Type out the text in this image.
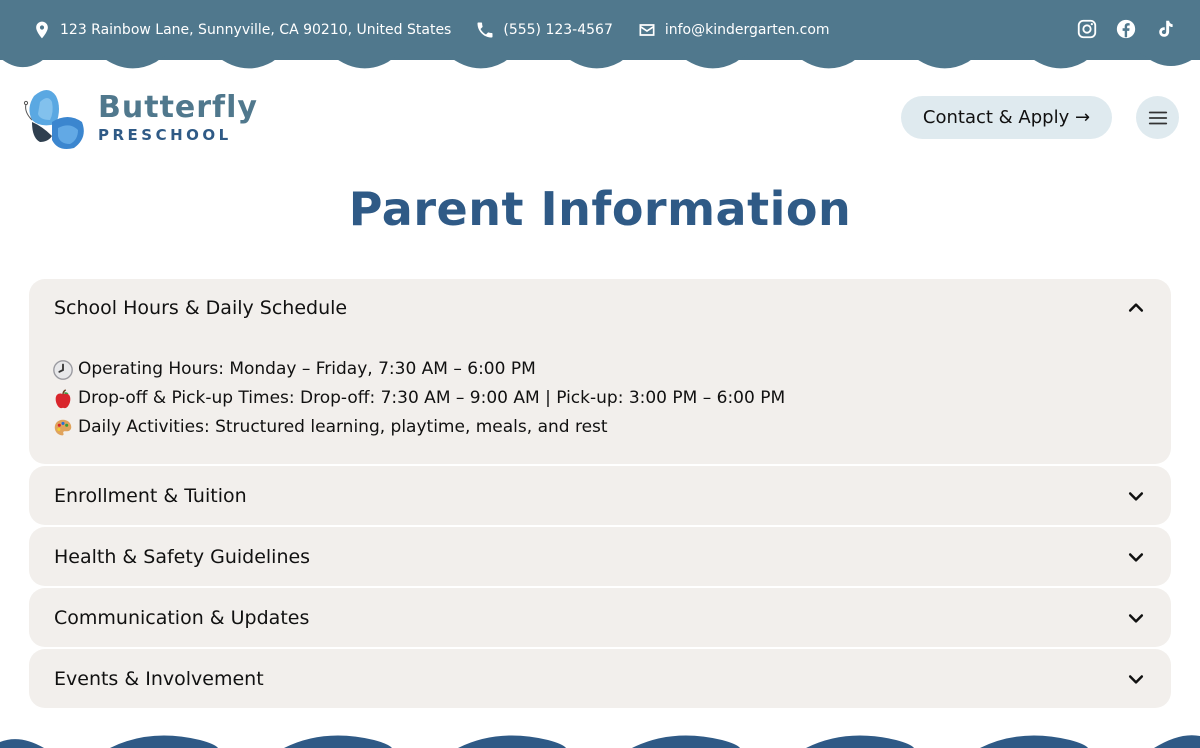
123 Rainbow Lane, Sunnyville, CA 90210, United States	(555) 123-4567	info@kindergarten.com
Butterfly
PRESCHOOL
Contact & Apply →
Parent Information
School Hours & Daily Schedule
Operating Hours: Monday – Friday, 7:30 AM – 6:00 PM
Drop-off & Pick-up Times: Drop-off: 7:30 AM – 9:00 AM | Pick-up: 3:00 PM – 6:00 PM
Daily Activities: Structured learning, playtime, meals, and rest
Enrollment & Tuition
Health & Safety Guidelines
Communication & Updates
Events & Involvement
